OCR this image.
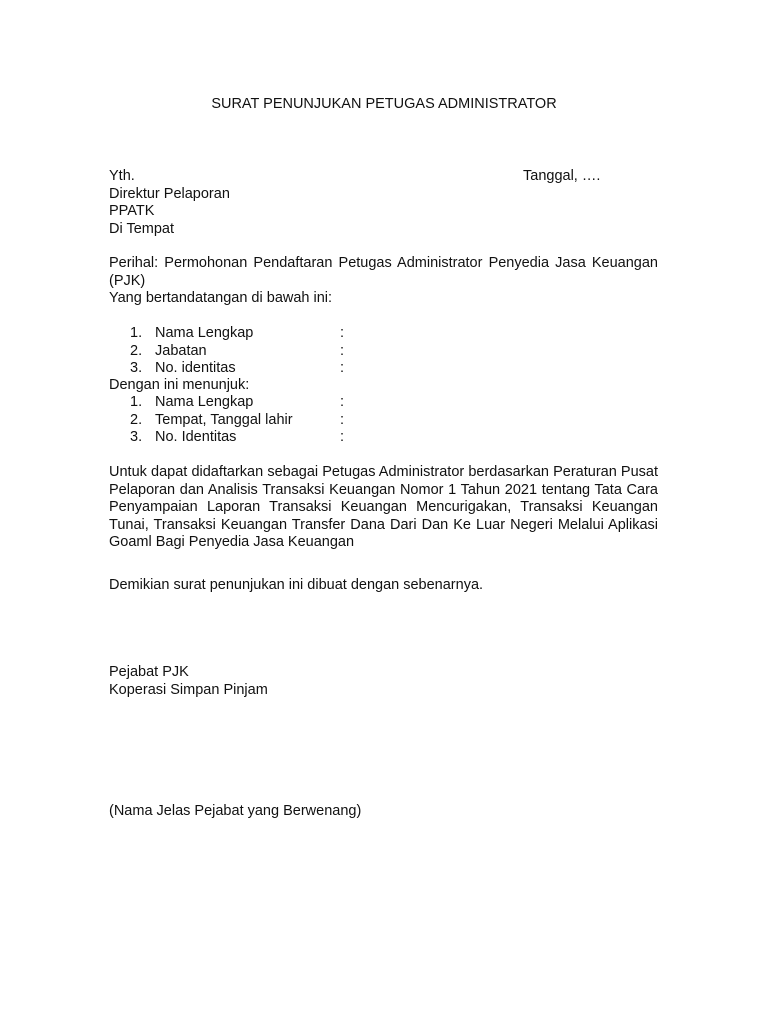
SURAT PENUNJUKAN PETUGAS ADMINISTRATOR
Yth.
Direktur Pelaporan
PPATK
Di Tempat
Tanggal, ….
Perihal: Permohonan Pendaftaran Petugas Administrator Penyedia Jasa Keuangan (PJK)
Yang bertandatangan di bawah ini:
1. Nama Lengkap	:
2. Jabatan	:
3. No. identitas	:
Dengan ini menunjuk:
1. Nama Lengkap	:
2. Tempat, Tanggal lahir	:
3. No. Identitas	:
Untuk dapat didaftarkan sebagai Petugas Administrator berdasarkan Peraturan Pusat Pelaporan dan Analisis Transaksi Keuangan Nomor 1 Tahun 2021 tentang Tata Cara Penyampaian Laporan Transaksi Keuangan Mencurigakan, Transaksi Keuangan Tunai, Transaksi Keuangan Transfer Dana Dari Dan Ke Luar Negeri Melalui Aplikasi Goaml Bagi Penyedia Jasa Keuangan
Demikian surat penunjukan ini dibuat dengan sebenarnya.
Pejabat PJK
Koperasi Simpan Pinjam
(Nama Jelas Pejabat yang Berwenang)
